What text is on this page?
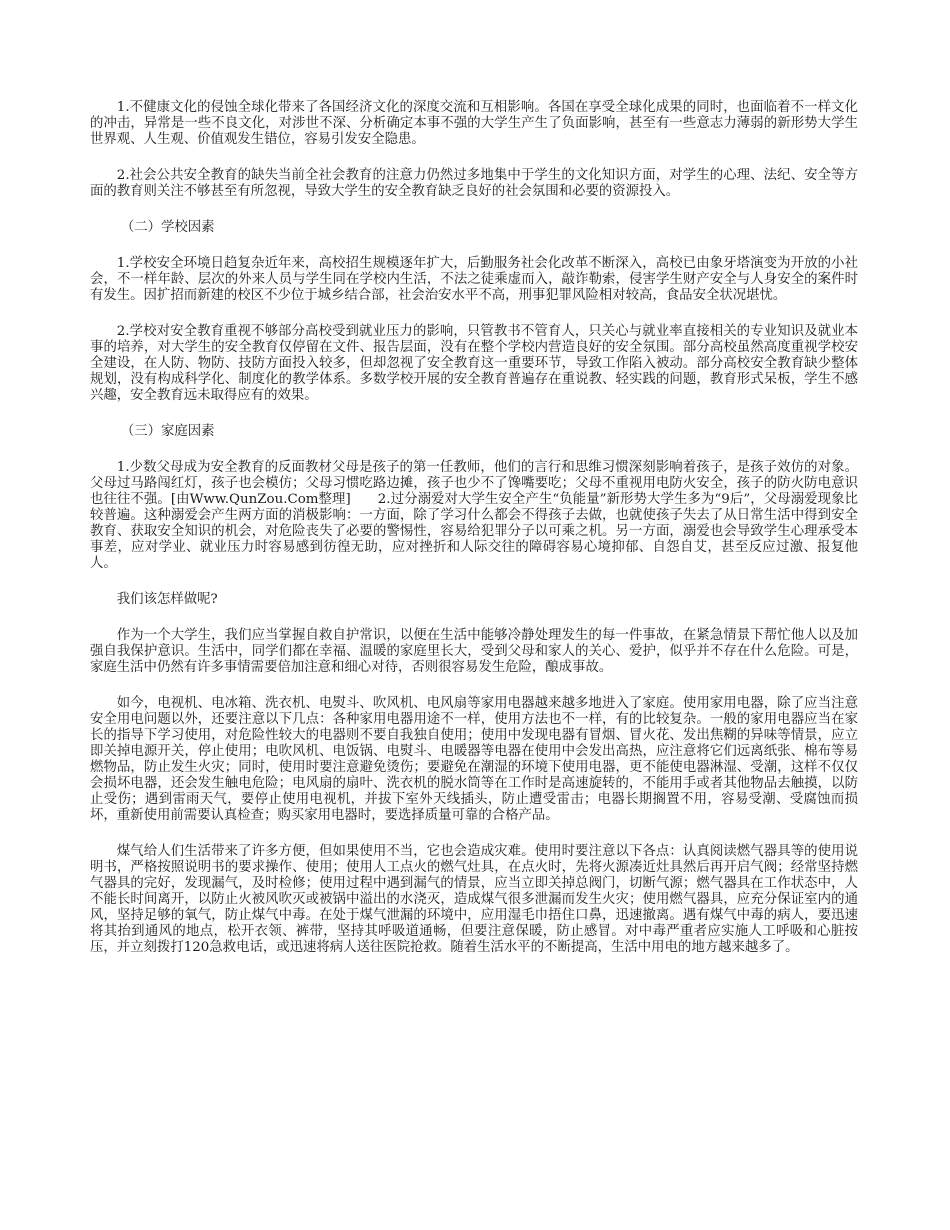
1.不健康文化的侵蚀全球化带来了各国经济文化的深度交流和互相影响。各国在享受全球化成果的同时，也面临着不一样文化的冲击，异常是一些不良文化，对涉世不深、分析确定本事不强的大学生产生了负面影响，甚至有一些意志力薄弱的新形势大学生世界观、人生观、价值观发生错位，容易引发安全隐患。

2.社会公共安全教育的缺失当前全社会教育的注意力仍然过多地集中于学生的文化知识方面，对学生的心理、法纪、安全等方面的教育则关注不够甚至有所忽视，导致大学生的安全教育缺乏良好的社会氛围和必要的资源投入。

（二）学校因素

1.学校安全环境日趋复杂近年来，高校招生规模逐年扩大，后勤服务社会化改革不断深入，高校已由象牙塔演变为开放的小社会，不一样年龄、层次的外来人员与学生同在学校内生活，不法之徒乘虚而入，敲诈勒索，侵害学生财产安全与人身安全的案件时有发生。因扩招而新建的校区不少位于城乡结合部，社会治安水平不高，刑事犯罪风险相对较高，食品安全状况堪忧。

2.学校对安全教育重视不够部分高校受到就业压力的影响，只管教书不管育人，只关心与就业率直接相关的专业知识及就业本事的培养，对大学生的安全教育仅停留在文件、报告层面，没有在整个学校内营造良好的安全氛围。部分高校虽然高度重视学校安全建设，在人防、物防、技防方面投入较多，但却忽视了安全教育这一重要环节，导致工作陷入被动。部分高校安全教育缺少整体规划，没有构成科学化、制度化的教学体系。多数学校开展的安全教育普遍存在重说教、轻实践的问题，教育形式呆板，学生不感兴趣，安全教育远未取得应有的效果。

（三）家庭因素

1.少数父母成为安全教育的反面教材父母是孩子的第一任教师，他们的言行和思维习惯深刻影响着孩子，是孩子效仿的对象。父母过马路闯红灯，孩子也会模仿；父母习惯吃路边摊，孩子也少不了馋嘴要吃；父母不重视用电防火安全，孩子的防火防电意识也往往不强。[由Www.QunZou.Com整理]　　2.过分溺爱对大学生安全产生“负能量”新形势大学生多为“9后”，父母溺爱现象比较普遍。这种溺爱会产生两方面的消极影响：一方面，除了学习什么都会不得孩子去做，也就使孩子失去了从日常生活中得到安全教育、获取安全知识的机会，对危险丧失了必要的警惕性，容易给犯罪分子以可乘之机。另一方面，溺爱也会导致学生心理承受本事差，应对学业、就业压力时容易感到彷徨无助，应对挫折和人际交往的障碍容易心境抑郁、自怨自艾，甚至反应过激、报复他人。

我们该怎样做呢?

作为一个大学生，我们应当掌握自救自护常识，以便在生活中能够冷静处理发生的每一件事故，在紧急情景下帮忙他人以及加强自我保护意识。生活中，同学们都在幸福、温暖的家庭里长大，受到父母和家人的关心、爱护，似乎并不存在什么危险。可是，家庭生活中仍然有许多事情需要倍加注意和细心对待，否则很容易发生危险，酿成事故。

如今，电视机、电冰箱、洗衣机、电熨斗、吹风机、电风扇等家用电器越来越多地进入了家庭。使用家用电器，除了应当注意安全用电问题以外，还要注意以下几点：各种家用电器用途不一样，使用方法也不一样，有的比较复杂。一般的家用电器应当在家长的指导下学习使用，对危险性较大的电器则不要自我独自使用；使用中发现电器有冒烟、冒火花、发出焦糊的异味等情景，应立即关掉电源开关，停止使用；电吹风机、电饭锅、电熨斗、电暖器等电器在使用中会发出高热，应注意将它们远离纸张、棉布等易燃物品，防止发生火灾；同时，使用时要注意避免烫伤；要避免在潮湿的环境下使用电器，更不能使电器淋湿、受潮，这样不仅仅会损坏电器，还会发生触电危险；电风扇的扇叶、洗衣机的脱水筒等在工作时是高速旋转的，不能用手或者其他物品去触摸，以防止受伤；遇到雷雨天气，要停止使用电视机，并拔下室外天线插头，防止遭受雷击；电器长期搁置不用，容易受潮、受腐蚀而损坏，重新使用前需要认真检查；购买家用电器时，要选择质量可靠的合格产品。

煤气给人们生活带来了许多方便，但如果使用不当，它也会造成灾难。使用时要注意以下各点：认真阅读燃气器具等的使用说明书，严格按照说明书的要求操作、使用；使用人工点火的燃气灶具，在点火时，先将火源凑近灶具然后再开启气阀；经常坚持燃气器具的完好，发现漏气，及时检修；使用过程中遇到漏气的情景，应当立即关掉总阀门，切断气源；燃气器具在工作状态中，人不能长时间离开，以防止火被风吹灭或被锅中溢出的水浇灭，造成煤气很多泄漏而发生火灾；使用燃气器具，应充分保证室内的通风，坚持足够的氧气，防止煤气中毒。在处于煤气泄漏的环境中，应用湿毛巾捂住口鼻，迅速撤离。遇有煤气中毒的病人，要迅速将其抬到通风的地点，松开衣领、裤带，坚持其呼吸道通畅，但要注意保暖，防止感冒。对中毒严重者应实施人工呼吸和心脏按压，并立刻拨打120急救电话，或迅速将病人送往医院抢救。随着生活水平的不断提高，生活中用电的地方越来越多了。
